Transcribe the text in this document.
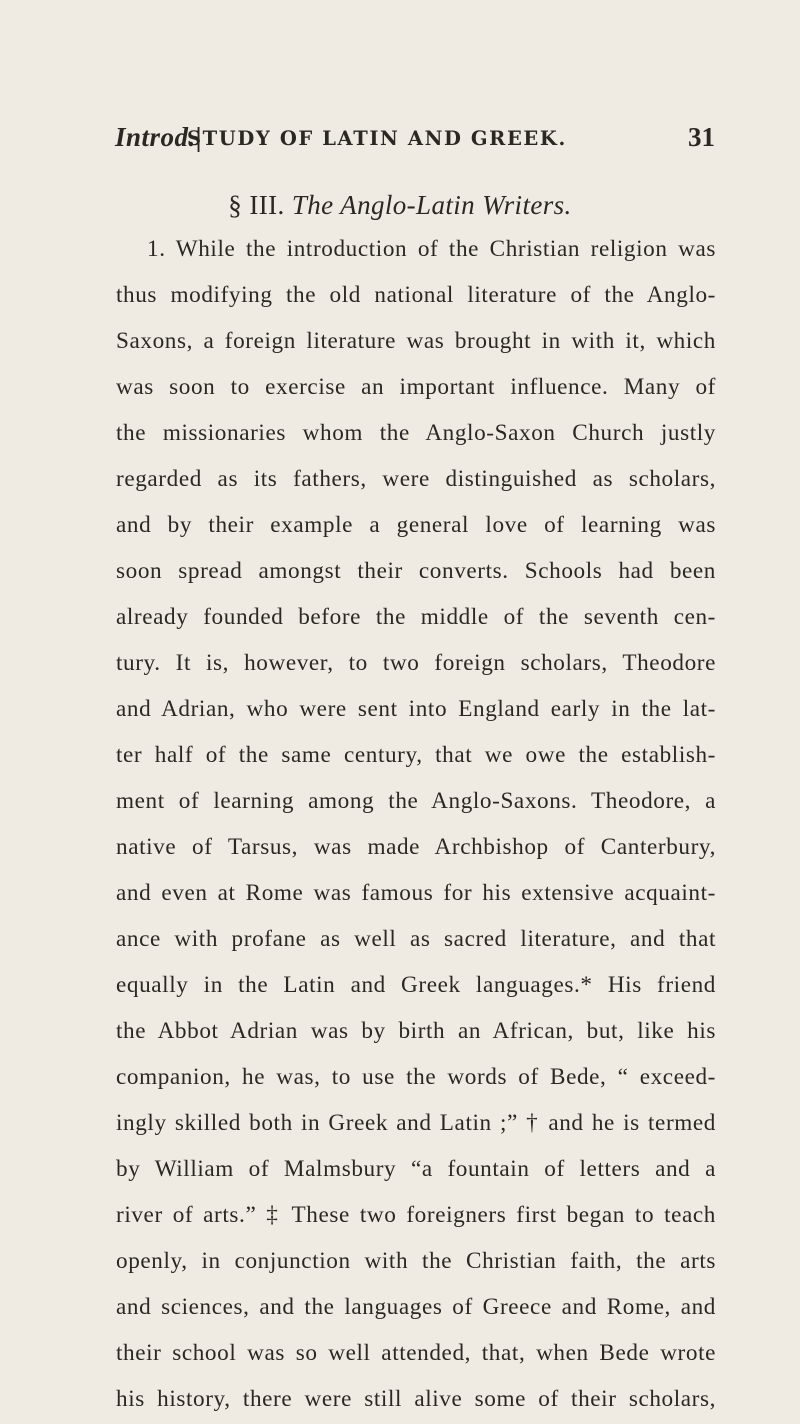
Introd.|
STUDY OF LATIN AND GREEK.	31
§ III. The Anglo-Latin Writers.
1. While the introduction of the Christian religion was
thus modifying the old national literature of the Anglo-
Saxons, a foreign literature was brought in with it, which
was soon to exercise an important influence. Many of
the missionaries whom the Anglo-Saxon Church justly
regarded as its fathers, were distinguished as scholars,
and by their example a general love of learning was
soon spread amongst their converts. Schools had been
already founded before the middle of the seventh cen-
tury. It is, however, to two foreign scholars, Theodore
and Adrian, who were sent into England early in the lat-
ter half of the same century, that we owe the establish-
ment of learning among the Anglo-Saxons. Theodore, a
native of Tarsus, was made Archbishop of Canterbury,
and even at Rome was famous for his extensive acquaint-
ance with profane as well as sacred literature, and that
equally in the Latin and Greek languages.* His friend
the Abbot Adrian was by birth an African, but, like his
companion, he was, to use the words of Bede, “ exceed-
ingly skilled both in Greek and Latin ;” † and he is termed
by William of Malmsbury “a fountain of letters and a
river of arts.” ‡ These two foreigners first began to teach
openly, in conjunction with the Christian faith, the arts
and sciences, and the languages of Greece and Rome, and
their school was so well attended, that, when Bede wrote
his history, there were still alive some of their scholars,
